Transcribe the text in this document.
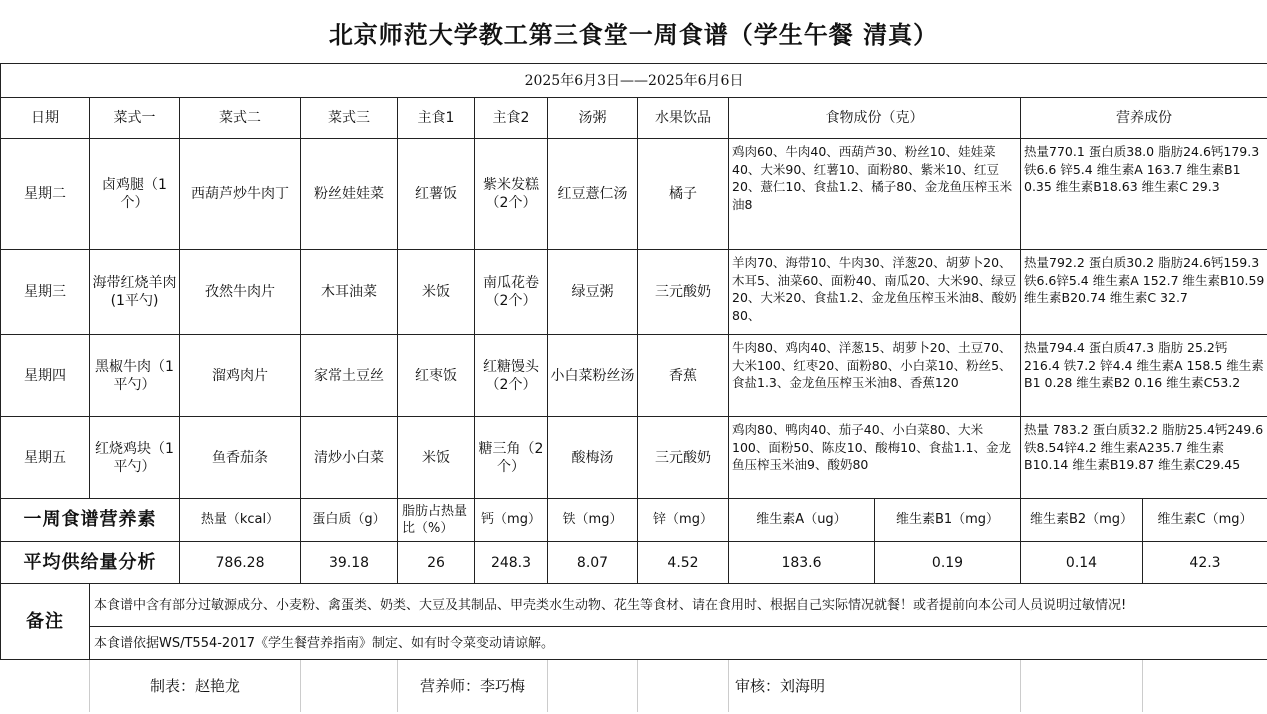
北京师范大学教工第三食堂一周食谱（学生午餐 清真）
2025年6月3日——2025年6月6日											
日期	菜式一	菜式二	菜式三	主食1	主食2	汤粥	水果饮品	食物成份（克）		营养成份	
星期二	卤鸡腿（1个）	西葫芦炒牛肉丁	粉丝娃娃菜	红薯饭	紫米发糕（2个）	红豆薏仁汤	橘子	鸡肉60、牛肉40、西葫芦30、粉丝10、娃娃菜40、大米90、红薯10、面粉80、紫米10、红豆20、薏仁10、食盐1.2、橘子80、金龙鱼压榨玉米油8		热量770.1 蛋白质38.0 脂肪24.6钙179.3 铁6.6 锌5.4 维生素A 163.7 维生素B1 0.35 维生素B18.63 维生素C 29.3	
星期三	海带红烧羊肉(1平勺)	孜然牛肉片	木耳油菜	米饭	南瓜花卷（2个）	绿豆粥	三元酸奶	羊肉70、海带10、牛肉30、洋葱20、胡萝卜20、木耳5、油菜60、面粉40、南瓜20、大米90、绿豆20、大米20、食盐1.2、金龙鱼压榨玉米油8、酸奶80、		热量792.2 蛋白质30.2 脂肪24.6钙159.3 铁6.6锌5.4 维生素A 152.7 维生素B10.59 维生素B20.74 维生素C 32.7	
星期四	黑椒牛肉（1平勺）	溜鸡肉片	家常土豆丝	红枣饭	红糖馒头（2个）	小白菜粉丝汤	香蕉	牛肉80、鸡肉40、洋葱15、胡萝卜20、土豆70、大米100、红枣20、面粉80、小白菜10、粉丝5、食盐1.3、金龙鱼压榨玉米油8、香蕉120		热量794.4 蛋白质47.3 脂肪 25.2钙 216.4 铁7.2 锌4.4 维生素A 158.5 维生素B1 0.28 维生素B2 0.16 维生素C53.2	
星期五	红烧鸡块（1平勺）	鱼香茄条	清炒小白菜	米饭	糖三角（2个）	酸梅汤	三元酸奶	鸡肉80、鸭肉40、茄子40、小白菜80、大米100、面粉50、陈皮10、酸梅10、食盐1.1、金龙鱼压榨玉米油9、酸奶80		热量 783.2 蛋白质32.2 脂肪25.4钙249.6铁8.54锌4.2 维生素A235.7 维生素B10.14 维生素B19.87 维生素C29.45	
一周食谱营养素		热量（kcal）	蛋白质（g）	脂肪占热量比（%）	钙（mg）	铁（mg）	锌（mg）	维生素A（ug）	维生素B1（mg）	维生素B2（mg）	维生素C（mg）
平均供给量分析		786.28	39.18	26	248.3	8.07	4.52	183.6	0.19	0.14	42.3
备注	本食谱中含有部分过敏源成分、小麦粉、禽蛋类、奶类、大豆及其制品、甲壳类水生动物、花生等食材、请在食用时、根据自己实际情况就餐！或者提前向本公司人员说明过敏情况!										
	本食谱依据WS/T554-2017《学生餐营养指南》制定、如有时令菜变动请谅解。										
	制表：赵艳龙			营养师：李巧梅				审核：刘海明			
